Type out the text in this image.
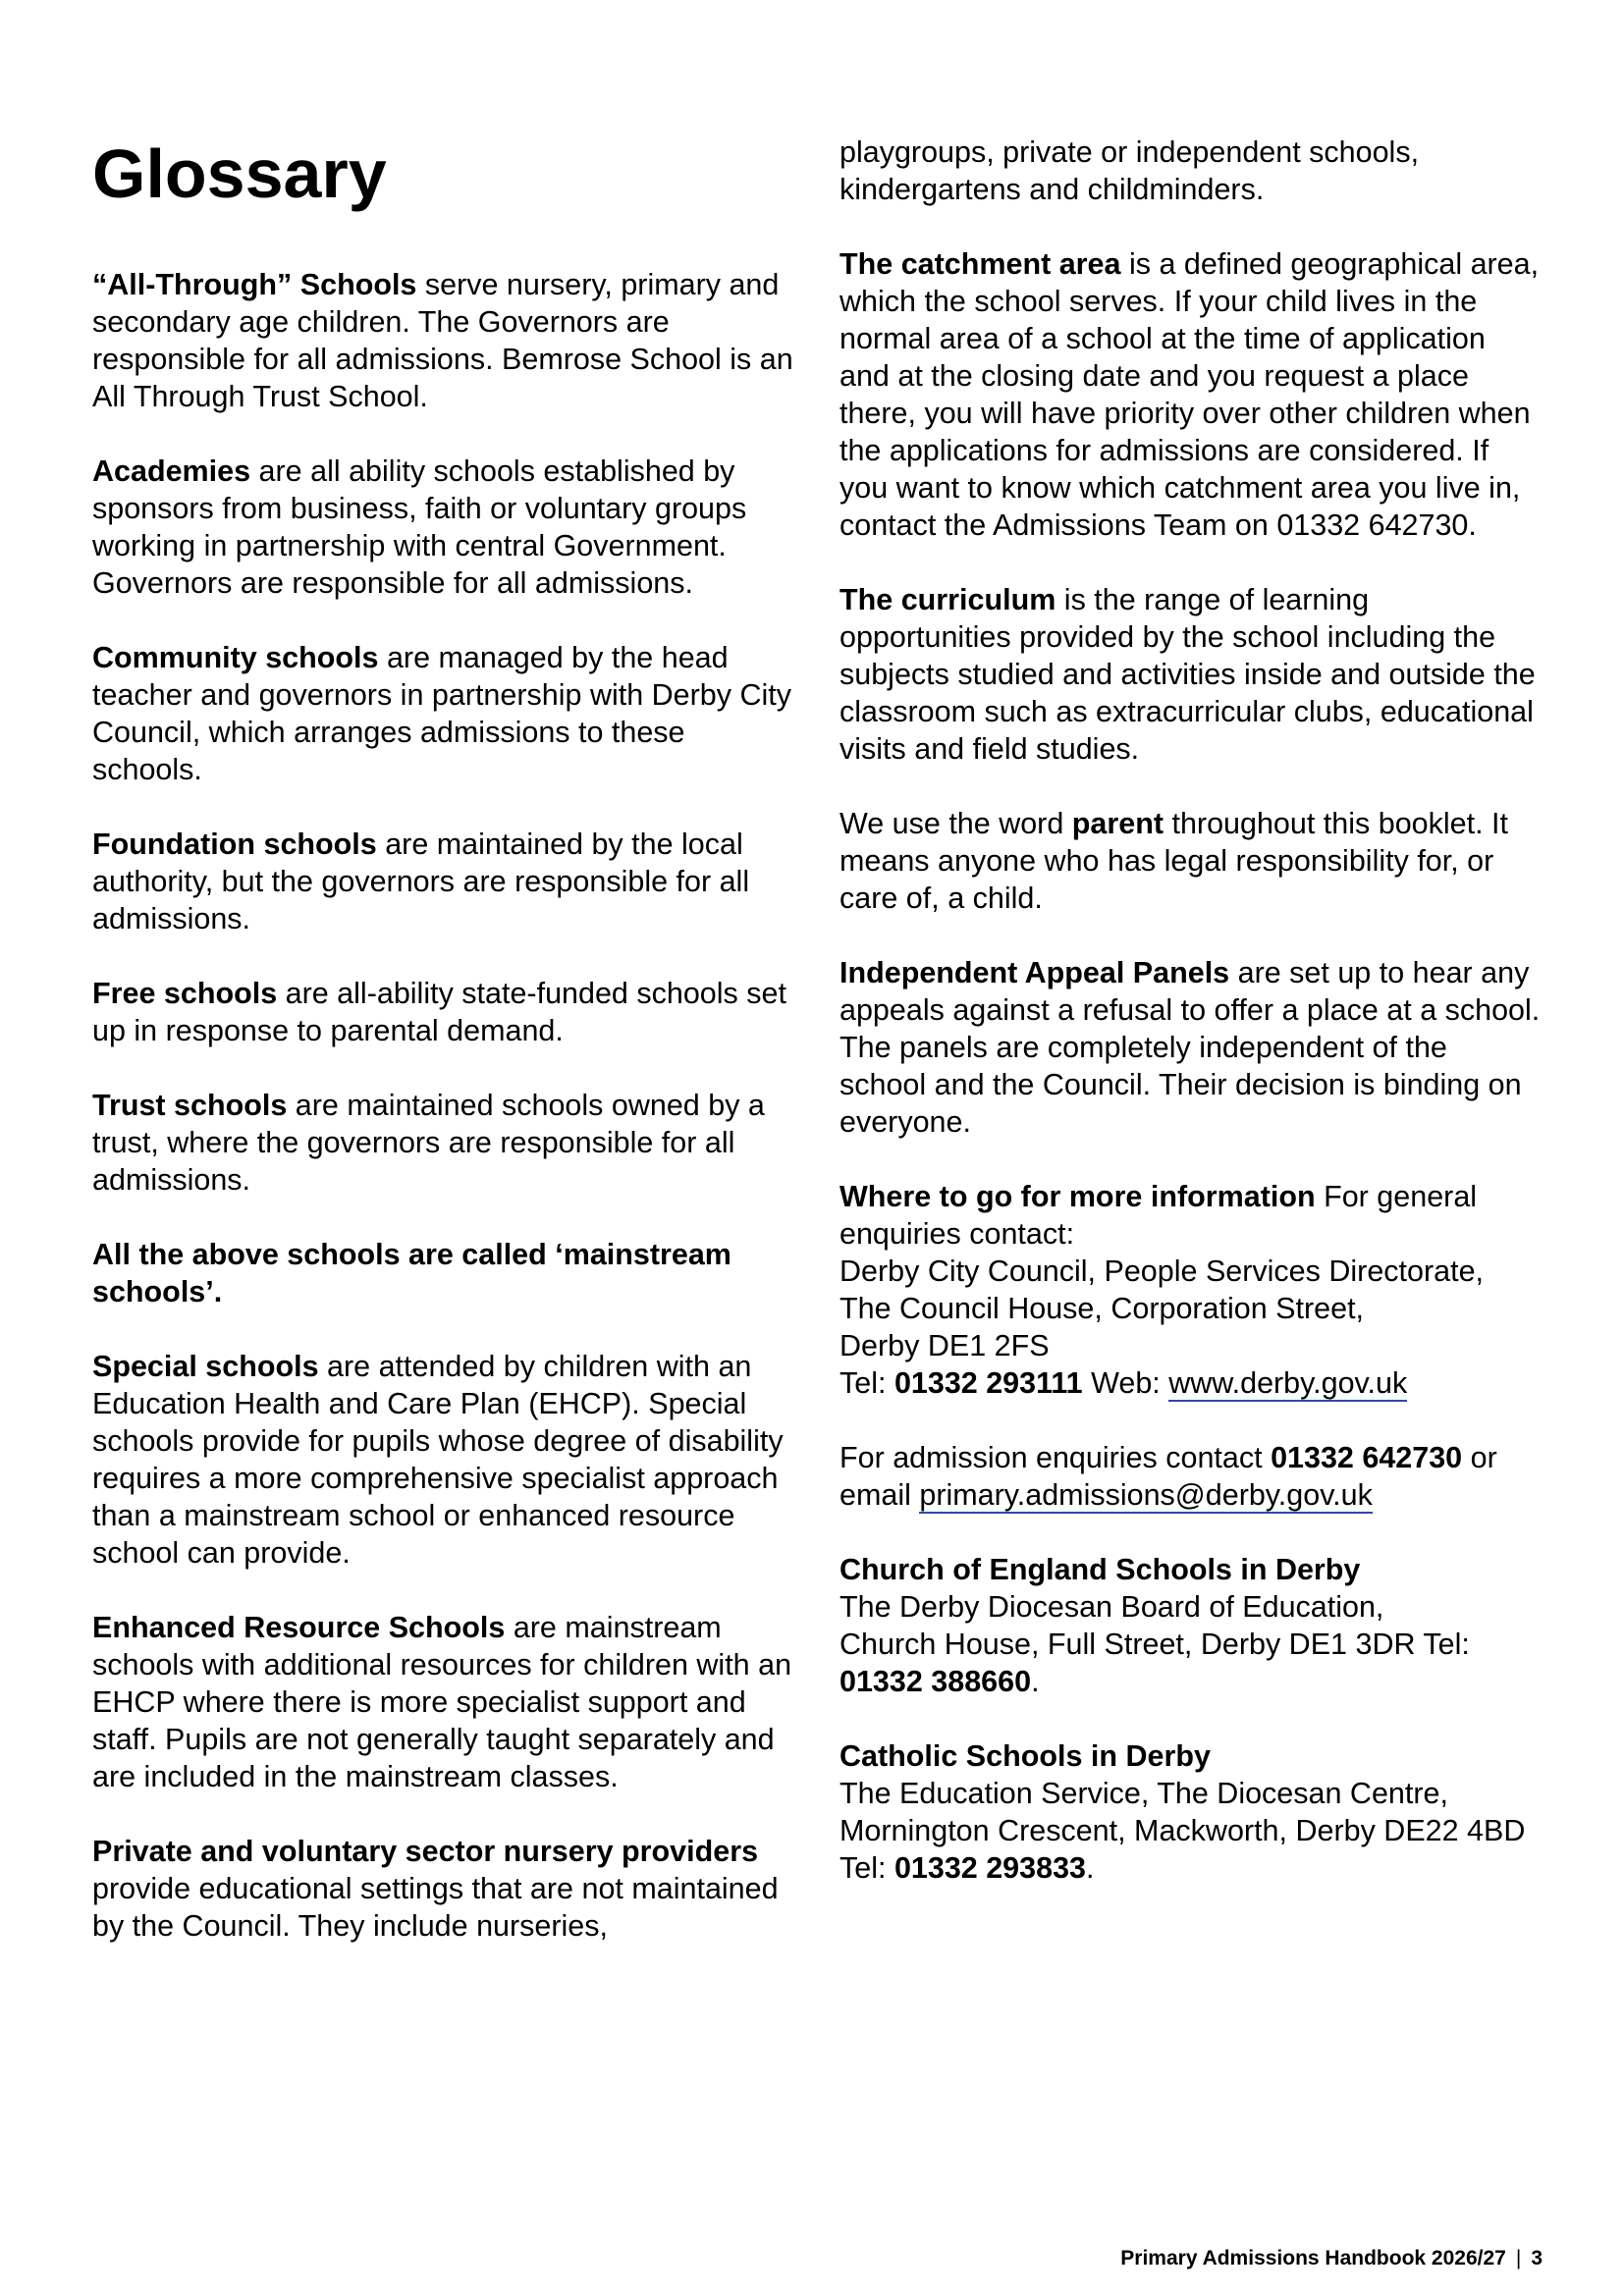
Glossary

“All-Through” Schools serve nursery, primary and secondary age children. The Governors are responsible for all admissions. Bemrose School is an All Through Trust School.

Academies are all ability schools established by sponsors from business, faith or voluntary groups working in partnership with central Government. Governors are responsible for all admissions.

Community schools are managed by the head teacher and governors in partnership with Derby City Council, which arranges admissions to these schools.

Foundation schools are maintained by the local authority, but the governors are responsible for all admissions.

Free schools are all-ability state-funded schools set up in response to parental demand.

Trust schools are maintained schools owned by a trust, where the governors are responsible for all admissions.

All the above schools are called ‘mainstream schools’.

Special schools are attended by children with an Education Health and Care Plan (EHCP). Special schools provide for pupils whose degree of disability requires a more comprehensive specialist approach than a mainstream school or enhanced resource school can provide.

Enhanced Resource Schools are mainstream schools with additional resources for children with an EHCP where there is more specialist support and staff. Pupils are not generally taught separately and are included in the mainstream classes.

Private and voluntary sector nursery providers provide educational settings that are not maintained by the Council. They include nurseries,

playgroups, private or independent schools, kindergartens and childminders.

The catchment area is a defined geographical area, which the school serves. If your child lives in the normal area of a school at the time of application and at the closing date and you request a place there, you will have priority over other children when the applications for admissions are considered. If you want to know which catchment area you live in, contact the Admissions Team on 01332 642730.

The curriculum is the range of learning opportunities provided by the school including the subjects studied and activities inside and outside the classroom such as extracurricular clubs, educational visits and field studies.

We use the word parent throughout this booklet. It means anyone who has legal responsibility for, or care of, a child.

Independent Appeal Panels are set up to hear any appeals against a refusal to offer a place at a school. The panels are completely independent of the school and the Council. Their decision is binding on everyone.

Where to go for more information For general enquiries contact:
Derby City Council, People Services Directorate,
The Council House, Corporation Street,
Derby DE1 2FS
Tel: 01332 293111 Web: www.derby.gov.uk

For admission enquiries contact 01332 642730 or email primary.admissions@derby.gov.uk

Church of England Schools in Derby
The Derby Diocesan Board of Education,
Church House, Full Street, Derby DE1 3DR Tel:
01332 388660.

Catholic Schools in Derby
The Education Service, The Diocesan Centre,
Mornington Crescent, Mackworth, Derby DE22 4BD Tel: 01332 293833.

Primary Admissions Handbook 2026/27 | 3
